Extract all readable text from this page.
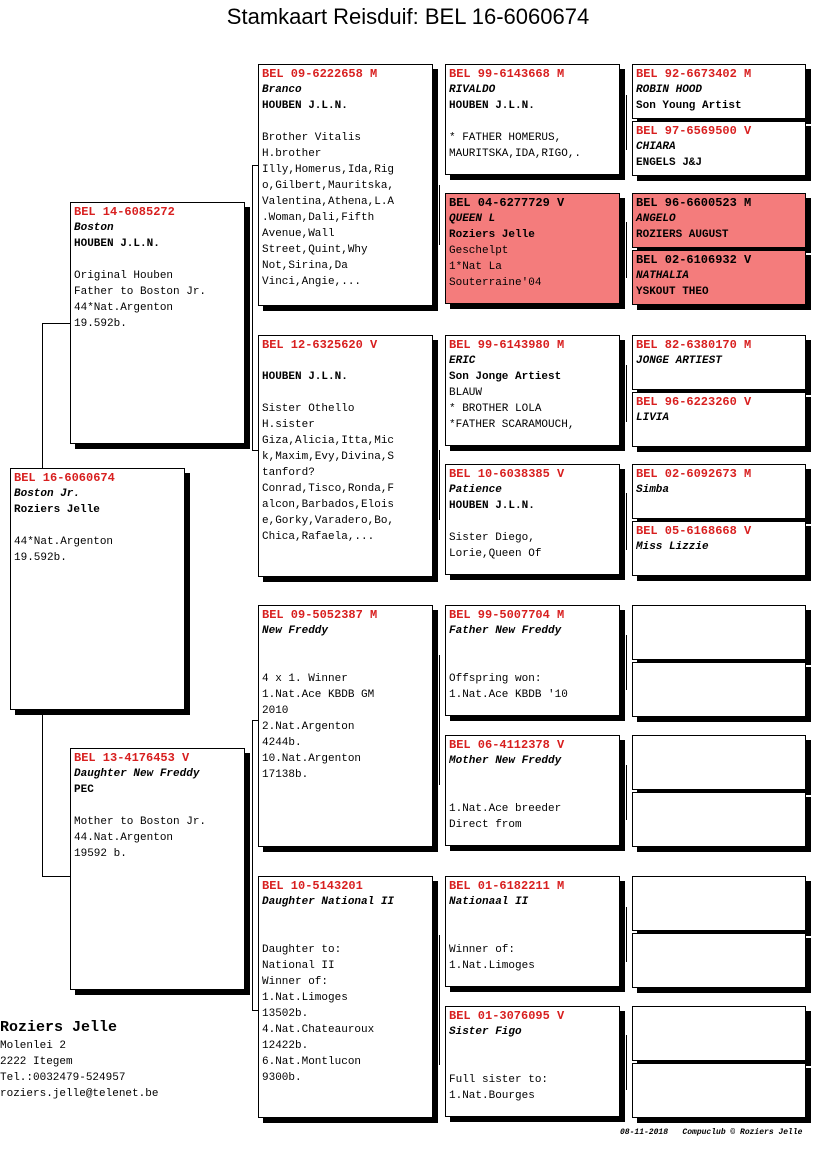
Stamkaart Reisduif: BEL 16-6060674
BEL 16-6060674
Boston Jr.
Roziers Jelle

44*Nat.Argenton
19.592b.
BEL 14-6085272
Boston
HOUBEN J.L.N.

Original Houben
Father to Boston Jr.
44*Nat.Argenton
19.592b.
BEL 13-4176453 V
Daughter New Freddy
PEC

Mother to Boston Jr.
44.Nat.Argenton
19592 b.
BEL 09-6222658 M
Branco
HOUBEN J.L.N.

Brother Vitalis
H.brother
Illy,Homerus,Ida,Rig
o,Gilbert,Mauritska,
Valentina,Athena,L.A
.Woman,Dali,Fifth
Avenue,Wall
Street,Quint,Why
Not,Sirina,Da
Vinci,Angie,...
BEL 12-6325620 V
HOUBEN J.L.N.

Sister Othello
H.sister
Giza,Alicia,Itta,Mic
k,Maxim,Evy,Divina,S
tanford?
Conrad,Tisco,Ronda,F
alcon,Barbados,Elois
e,Gorky,Varadero,Bo,
Chica,Rafaela,...
BEL 09-5052387 M
New Freddy

4 x 1. Winner
1.Nat.Ace KBDB GM
2010
2.Nat.Argenton
4244b.
10.Nat.Argenton
17138b.
BEL 10-5143201
Daughter National II

Daughter to:
National II
Winner of:
1.Nat.Limoges
13502b.
4.Nat.Chateauroux
12422b.
6.Nat.Montlucon
9300b.
BEL 99-6143668 M
RIVALDO
HOUBEN J.L.N.

* FATHER HOMERUS,
MAURITSKA,IDA,RIGO,.
BEL 04-6277729 V
QUEEN L
Roziers Jelle
Geschelpt
1*Nat La
Souterraine'04
BEL 99-6143980 M
ERIC
Son Jonge Artiest
BLAUW
* BROTHER LOLA
*FATHER SCARAMOUCH,
BEL 10-6038385 V
Patience
HOUBEN J.L.N.

Sister Diego,
Lorie,Queen Of
BEL 99-5007704 M
Father New Freddy

Offspring won:
1.Nat.Ace KBDB '10
BEL 06-4112378 V
Mother New Freddy

1.Nat.Ace breeder
Direct from
BEL 01-6182211 M
Nationaal II

Winner of:
1.Nat.Limoges
BEL 01-3076095 V
Sister Figo

Full sister to:
1.Nat.Bourges
BEL 92-6673402 M
ROBIN HOOD
Son Young Artist
BEL 97-6569500 V
CHIARA
ENGELS J&J
BEL 96-6600523 M
ANGELO
ROZIERS AUGUST
BEL 02-6106932 V
NATHALIA
YSKOUT THEO
BEL 82-6380170 M
JONGE ARTIEST
BEL 96-6223260 V
LIVIA
BEL 02-6092673 M
Simba
BEL 05-6168668 V
Miss Lizzie
Roziers Jelle
Molenlei 2
2222 Itegem
Tel.:0032479-524957
roziers.jelle@telenet.be
08-11-2018 Compuclub © Roziers Jelle
